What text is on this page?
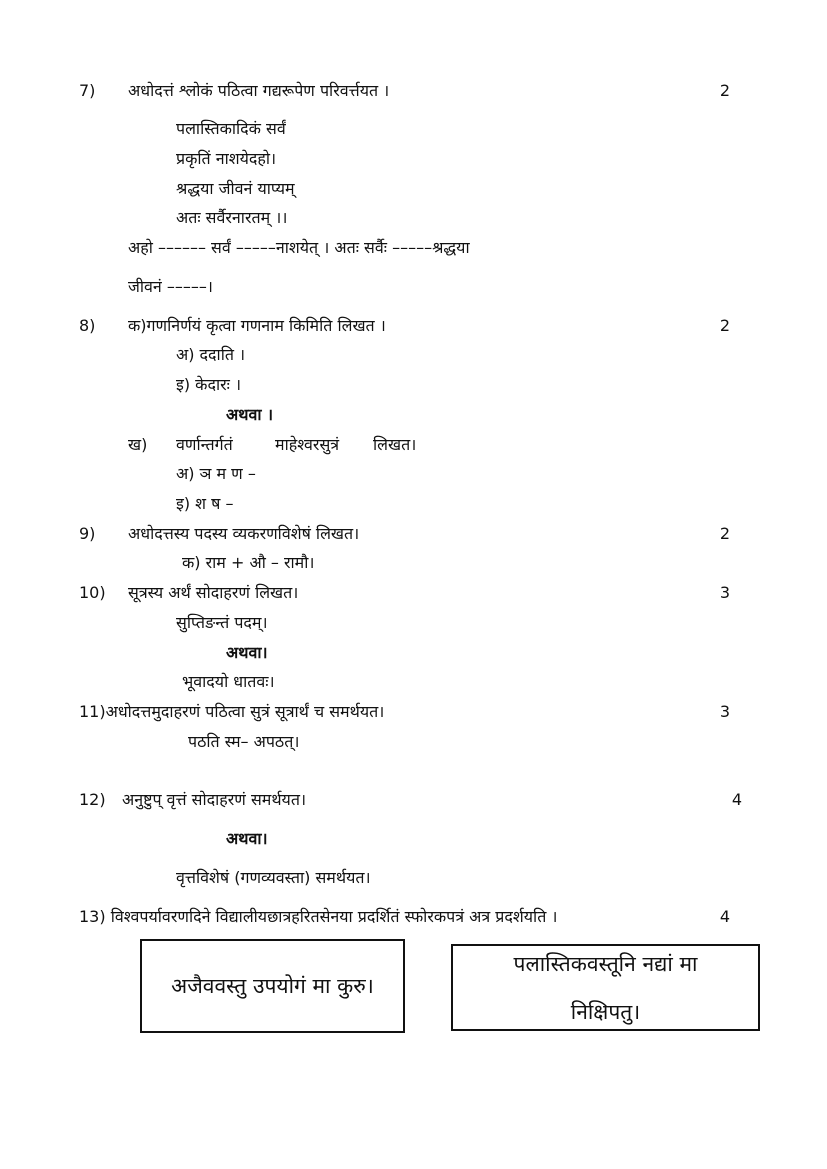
7) अधोदत्तं श्लोकं पठित्वा गद्यरूपेण परिवर्त्तयत ।	2
पलास्तिकादिकं सर्वं
प्रकृतिं नाशयेदहो।
श्रद्धया जीवनं याप्यम्
अतः सर्वैरनारतम् ।।
अहो –––––– सर्वं –––––नाशयेत् । अतः सर्वैः –––––श्रद्धया
जीवनं –––––।
8) क)गणनिर्णयं कृत्वा गणनाम किमिति लिखत ।	2
अ) ददाति ।
इ) केदारः ।
अथवा ।
ख) वर्णान्तर्गतं	माहेश्वरसुत्रं लिखत।
अ) ञ म ण –
इ) श ष –
9) अधोदत्तस्य पदस्य व्यकरणविशेषं लिखत।	2
क) राम + औ – रामौ।
10) सूत्रस्य अर्थं सोदाहरणं लिखत।	3
सुप्तिङन्तं पदम्।
अथवा।
भूवादयो धातवः।
11)अधोदत्तमुदाहरणं पठित्वा सुत्रं सूत्रार्थं च समर्थयत।	3
पठति स्म– अपठत्।
12) अनुष्टुप् वृत्तं सोदाहरणं समर्थयत।	4
अथवा।
वृत्तविशेषं (गणव्यवस्ता) समर्थयत।
13) विश्वपर्यावरणदिने विद्यालीयछात्रहरितसेनया प्रदर्शितं स्फोरकपत्रं अत्र प्रदर्शयति ।	4
अजैववस्तु उपयोगं मा कुरु।
पलास्तिकवस्तूनि नद्यां मा
निक्षिपतु।
